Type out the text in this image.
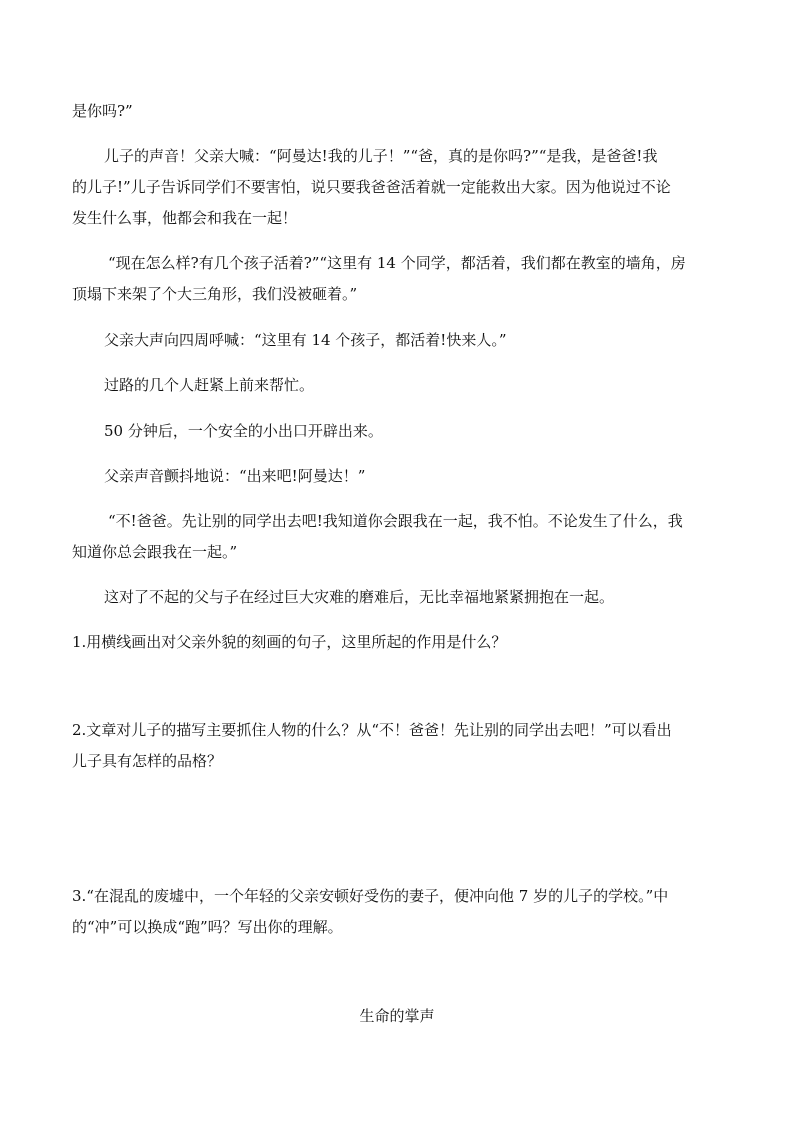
是你吗?”
儿子的声音！父亲大喊：“阿曼达!我的儿子！”“爸，真的是你吗?”“是我，是爸爸!我
的儿子!”儿子告诉同学们不要害怕，说只要我爸爸活着就一定能救出大家。因为他说过不论
发生什么事，他都会和我在一起！
“现在怎么样?有几个孩子活着?”“这里有 14 个同学，都活着，我们都在教室的墙角，房
顶塌下来架了个大三角形，我们没被砸着。”
父亲大声向四周呼喊：“这里有 14 个孩子，都活着!快来人。”
过路的几个人赶紧上前来帮忙。
50 分钟后，一个安全的小出口开辟出来。
父亲声音颤抖地说：“出来吧!阿曼达！”
“不!爸爸。先让别的同学出去吧!我知道你会跟我在一起，我不怕。不论发生了什么，我
知道你总会跟我在一起。”
这对了不起的父与子在经过巨大灾难的磨难后，无比幸福地紧紧拥抱在一起。
1.用横线画出对父亲外貌的刻画的句子，这里所起的作用是什么？
2.文章对儿子的描写主要抓住人物的什么？从“不！爸爸！先让别的同学出去吧！”可以看出
儿子具有怎样的品格？
3.“在混乱的废墟中，一个年轻的父亲安顿好受伤的妻子，便冲向他 7 岁的儿子的学校。”中
的“冲”可以换成“跑”吗？写出你的理解。
生命的掌声
